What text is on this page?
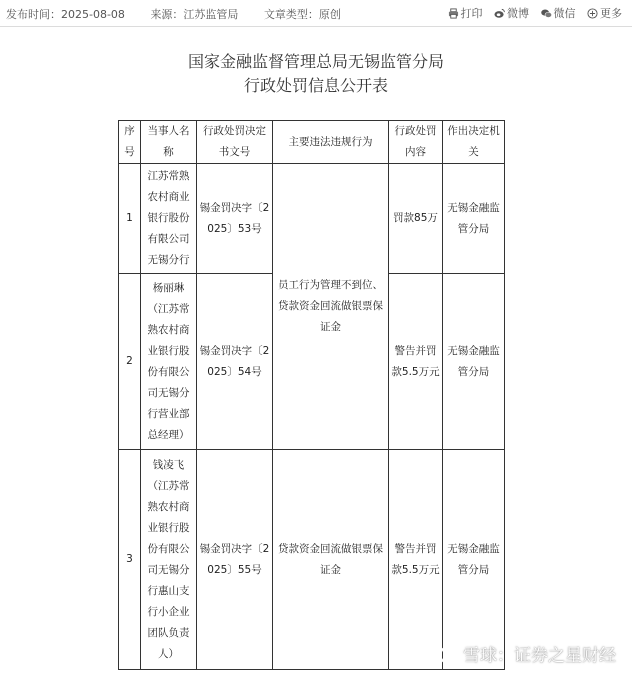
发布时间：2025-08-08 来源：江苏监管局 文章类型：原创	打印 微博 微信 更多
国家金融监督管理总局无锡监管分局
行政处罚信息公开表
序号	当事人名称	行政处罚决定书文号	主要违法违规行为	行政处罚内容	作出决定机关
1	江苏常熟农村商业银行股份有限公司无锡分行	锡金罚决字〔2025〕53号	员工行为管理不到位、贷款资金回流做银票保证金	罚款85万	无锡金融监管分局
2	杨丽琳（江苏常熟农村商业银行股份有限公司无锡分行营业部总经理）	锡金罚决字〔2025〕54号		警告并罚款5.5万元	无锡金融监管分局
3	钱凌飞（江苏常熟农村商业银行股份有限公司无锡分行惠山支行小企业团队负责人）	锡金罚决字〔2025〕55号	贷款资金回流做银票保证金	警告并罚款5.5万元	无锡金融监管分局
雪球：证券之星财经
